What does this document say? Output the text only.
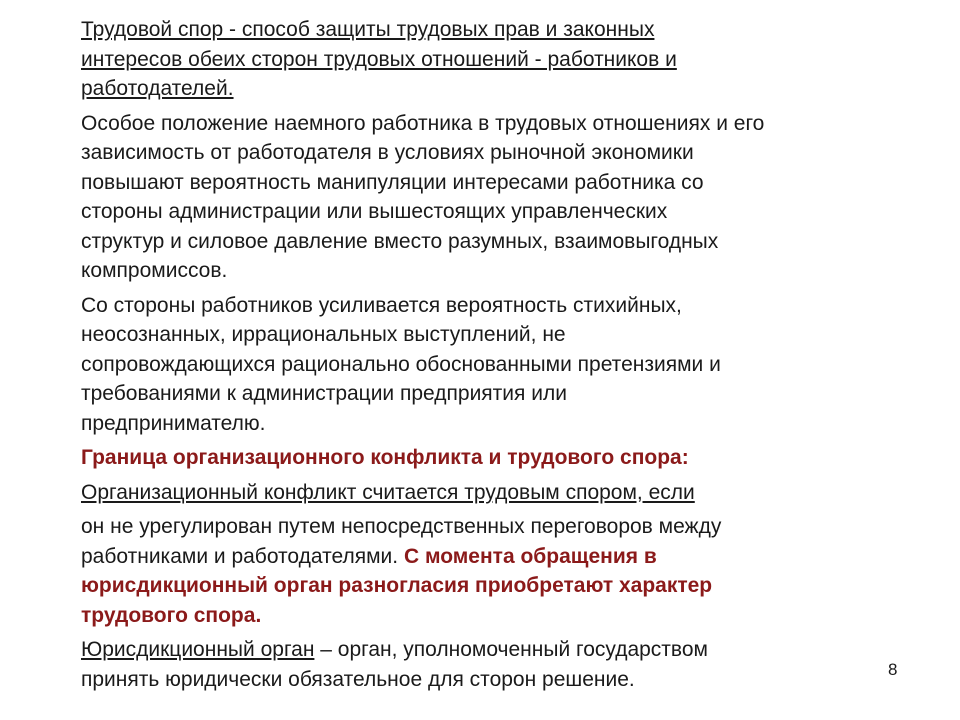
Трудовой спор - способ защиты трудовых прав и законных
интересов обеих сторон трудовых отношений - работников и
работодателей.

Особое положение наемного работника в трудовых отношениях и его
зависимость от работодателя в условиях рыночной экономики
повышают вероятность манипуляции интересами работника со
стороны администрации или вышестоящих управленческих
структур и силовое давление вместо разумных, взаимовыгодных
компромиссов.

Со стороны работников усиливается вероятность стихийных,
неосознанных, иррациональных выступлений, не
сопровождающихся рационально обоснованными претензиями и
требованиями к администрации предприятия или
предпринимателю.

Граница организационного конфликта и трудового спора:

Организационный конфликт считается трудовым спором, если

он не урегулирован путем непосредственных переговоров между
работниками и работодателями. С момента обращения в
юрисдикционный орган разногласия приобретают характер
трудового спора.

Юрисдикционный орган – орган, уполномоченный государством
принять юридически обязательное для сторон решение.	8
